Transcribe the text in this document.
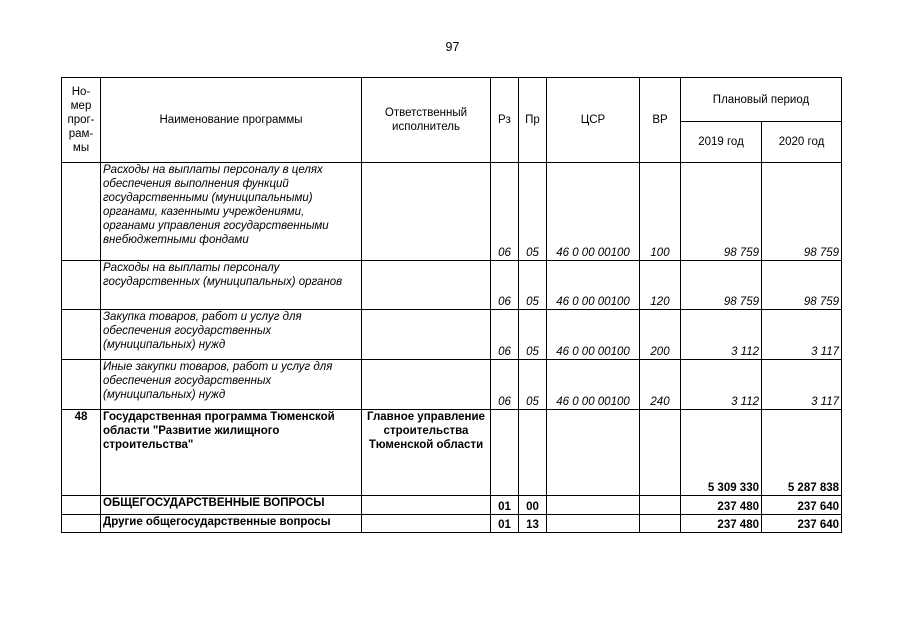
97
Но-
мер
прог-
рам-
мы	Наименование программы	Ответственный исполнитель	Рз	Пр	ЦСР	ВР	Плановый период	
							2019 год	2020 год
	Расходы на выплаты персоналу в целях обеспечения выполнения функций государственными (муниципальными) органами, казенными учреждениями, органами управления государственными внебюджетными фондами		06	05	46 0 00 00100	100	98 759	98 759
	Расходы на выплаты персоналу государственных (муниципальных) органов		06	05	46 0 00 00100	120	98 759	98 759
	Закупка товаров, работ и услуг для обеспечения государственных (муниципальных) нужд		06	05	46 0 00 00100	200	3 112	3 117
	Иные закупки товаров, работ и услуг для обеспечения государственных (муниципальных) нужд		06	05	46 0 00 00100	240	3 112	3 117
48	Государственная программа Тюменской области "Развитие жилищного строительства"	Главное управление строительства Тюменской области					5 309 330	5 287 838
	ОБЩЕГОСУДАРСТВЕННЫЕ ВОПРОСЫ		01	00			237 480	237 640
	Другие общегосударственные вопросы		01	13			237 480	237 640
